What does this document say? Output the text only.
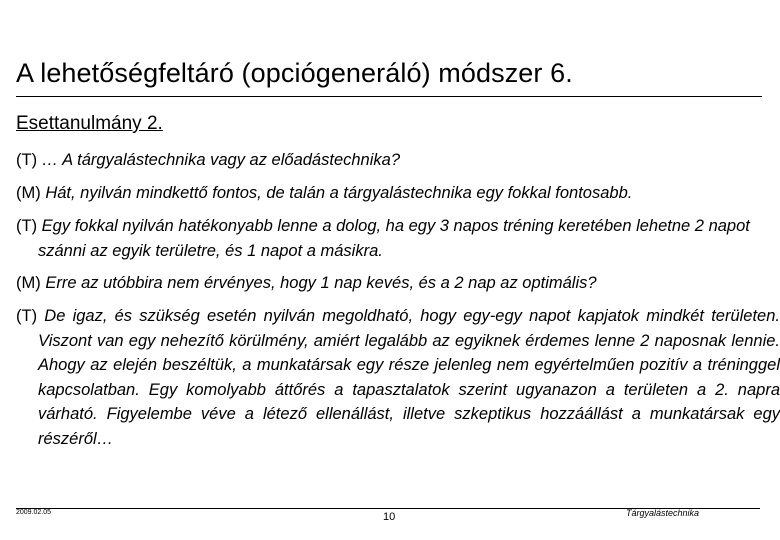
A lehetőségfeltáró (opciógeneráló) módszer 6.
Esettanulmány 2.
(T) … A tárgyalástechnika vagy az előadástechnika?
(M) Hát, nyilván mindkettő fontos, de talán a tárgyalástechnika egy fokkal fontosabb.
(T) Egy fokkal nyilván hatékonyabb lenne a dolog, ha egy 3 napos tréning keretében lehetne 2 napot szánni az egyik területre, és 1 napot a másikra.
(M) Erre az utóbbira nem érvényes, hogy 1 nap kevés, és a 2 nap az optimális?
(T) De igaz, és szükség esetén nyilván megoldható, hogy egy-egy napot kapjatok mindkét területen. Viszont van egy nehezítő körülmény, amiért legalább az egyiknek érdemes lenne 2 naposnak lennie. Ahogy az elején beszéltük, a munkatársak egy része jelenleg nem egyértelműen pozitív a tréninggel kapcsolatban. Egy komolyabb áttőrés a tapasztalatok szerint ugyanazon a területen a 2. napra várható. Figyelembe véve a létező ellenállást, illetve szkeptikus hozzáállást a munkatársak egy részéről…
2009.02.05	10	Tárgyalástechnika
